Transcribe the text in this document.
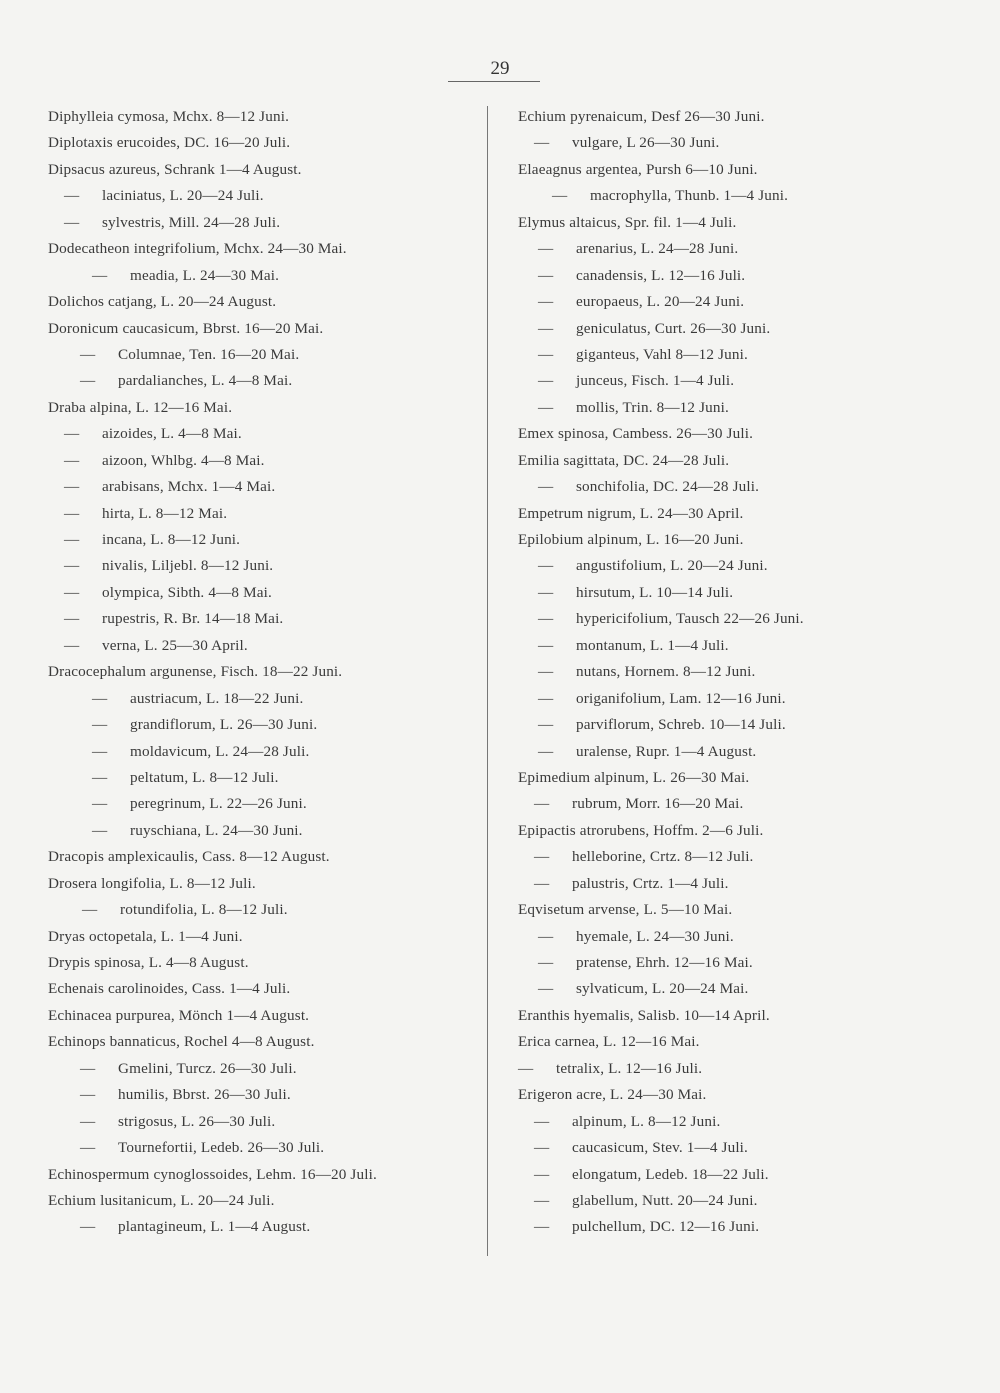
29
Diphylleia cymosa, Mchx. 8—12 Juni.
Diplotaxis erucoides, DC. 16—20 Juli.
Dipsacus azureus, Schrank 1—4 August.
— laciniatus, L. 20—24 Juli.
— sylvestris, Mill. 24—28 Juli.
Dodecatheon integrifolium, Mchx. 24—30 Mai.
— meadia, L. 24—30 Mai.
Dolichos catjang, L. 20—24 August.
Doronicum caucasicum, Bbrst. 16—20 Mai.
— Columnae, Ten. 16—20 Mai.
— pardalianches, L. 4—8 Mai.
Draba alpina, L. 12—16 Mai.
— aizoides, L. 4—8 Mai.
— aizoon, Whlbg. 4—8 Mai.
— arabisans, Mchx. 1—4 Mai.
— hirta, L. 8—12 Mai.
— incana, L. 8—12 Juni.
— nivalis, Liljebl. 8—12 Juni.
— olympica, Sibth. 4—8 Mai.
— rupestris, R. Br. 14—18 Mai.
— verna, L. 25—30 April.
Dracocephalum argunense, Fisch. 18—22 Juni.
— austriacum, L. 18—22 Juni.
— grandiflorum, L. 26—30 Juni.
— moldavicum, L. 24—28 Juli.
— peltatum, L. 8—12 Juli.
— peregrinum, L. 22—26 Juni.
— ruyschiana, L. 24—30 Juni.
Dracopis amplexicaulis, Cass. 8—12 August.
Drosera longifolia, L. 8—12 Juli.
— rotundifolia, L. 8—12 Juli.
Dryas octopetala, L. 1—4 Juni.
Drypis spinosa, L. 4—8 August.
Echenais carolinoides, Cass. 1—4 Juli.
Echinacea purpurea, Mönch 1—4 August.
Echinops bannaticus, Rochel 4—8 August.
— Gmelini, Turcz. 26—30 Juli.
— humilis, Bbrst. 26—30 Juli.
— strigosus, L. 26—30 Juli.
— Tournefortii, Ledeb. 26—30 Juli.
Echinospermum cynoglossoides, Lehm. 16—20 Juli.
Echium lusitanicum, L. 20—24 Juli.
— plantagineum, L. 1—4 August.
Echium pyrenaicum, Desf 26—30 Juni.
— vulgare, L 26—30 Juni.
Elaeagnus argentea, Pursh 6—10 Juni.
— macrophylla, Thunb. 1—4 Juni.
Elymus altaicus, Spr. fil. 1—4 Juli.
— arenarius, L. 24—28 Juni.
— canadensis, L. 12—16 Juli.
— europaeus, L. 20—24 Juni.
— geniculatus, Curt. 26—30 Juni.
— giganteus, Vahl 8—12 Juni.
— junceus, Fisch. 1—4 Juli.
— mollis, Trin. 8—12 Juni.
Emex spinosa, Cambess. 26—30 Juli.
Emilia sagittata, DC. 24—28 Juli.
— sonchifolia, DC. 24—28 Juli.
Empetrum nigrum, L. 24—30 April.
Epilobium alpinum, L. 16—20 Juni.
— angustifolium, L. 20—24 Juni.
— hirsutum, L. 10—14 Juli.
— hypericifolium, Tausch 22—26 Juni.
— montanum, L. 1—4 Juli.
— nutans, Hornem. 8—12 Juni.
— origanifolium, Lam. 12—16 Juni.
— parviflorum, Schreb. 10—14 Juli.
— uralense, Rupr. 1—4 August.
Epimedium alpinum, L. 26—30 Mai.
— rubrum, Morr. 16—20 Mai.
Epipactis atrorubens, Hoffm. 2—6 Juli.
— helleborine, Crtz. 8—12 Juli.
— palustris, Crtz. 1—4 Juli.
Eqvisetum arvense, L. 5—10 Mai.
— hyemale, L. 24—30 Juni.
— pratense, Ehrh. 12—16 Mai.
— sylvaticum, L. 20—24 Mai.
Eranthis hyemalis, Salisb. 10—14 April.
Erica carnea, L. 12—16 Mai.
— tetralix, L. 12—16 Juli.
Erigeron acre, L. 24—30 Mai.
— alpinum, L. 8—12 Juni.
— caucasicum, Stev. 1—4 Juli.
— elongatum, Ledeb. 18—22 Juli.
— glabellum, Nutt. 20—24 Juni.
— pulchellum, DC. 12—16 Juni.
